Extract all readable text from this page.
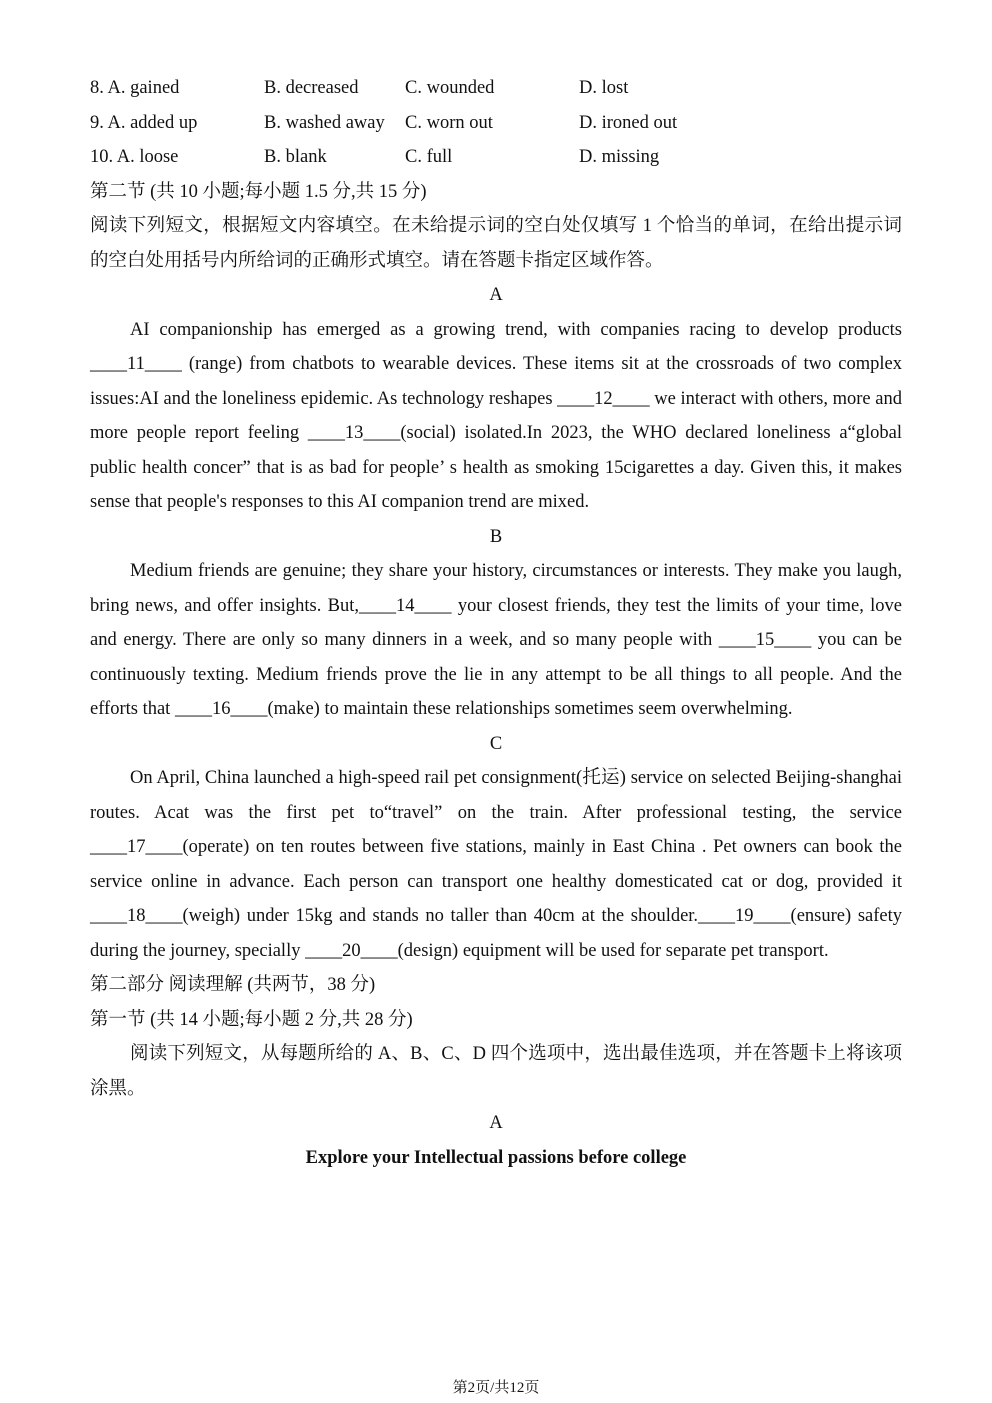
8. A. gained	B. decreased	C. wounded	D. lost
9. A. added up	B. washed away	C. worn out	D. ironed out
10. A. loose	B. blank	C. full	D. missing
第二节 (共 10 小题;每小题 1.5 分,共 15 分)
阅读下列短文，根据短文内容填空。在未给提示词的空白处仅填写 1 个恰当的单词，在给出提示词的空白处用括号内所给词的正确形式填空。请在答题卡指定区域作答。
A
AI companionship has emerged as a growing trend, with companies racing to develop products ____11____ (range) from chatbots to wearable devices. These items sit at the crossroads of two complex issues:AI and the loneliness epidemic. As technology reshapes ____12____ we interact with others, more and more people report feeling ____13____(social) isolated.In 2023, the WHO declared loneliness a“global public health concer” that is as bad for people’ s health as smoking 15cigarettes a day. Given this, it makes sense that people's responses to this AI companion trend are mixed.
B
Medium friends are genuine; they share your history, circumstances or interests. They make you laugh, bring news, and offer insights. But,____14____ your closest friends, they test the limits of your time, love and energy. There are only so many dinners in a week, and so many people with ____15____ you can be continuously texting. Medium friends prove the lie in any attempt to be all things to all people. And the efforts that ____16____(make) to maintain these relationships sometimes seem overwhelming.
C
On April, China launched a high-speed rail pet consignment(托运) service on selected Beijing-shanghai routes. Acat was the first pet to“travel” on the train. After professional testing, the service ____17____(operate) on ten routes between five stations, mainly in East China . Pet owners can book the service online in advance. Each person can transport one healthy domesticated cat or dog, provided it ____18____(weigh) under 15kg and stands no taller than 40cm at the shoulder.____19____(ensure) safety during the journey, specially ____20____(design) equipment will be used for separate pet transport.
第二部分 阅读理解 (共两节，38 分)
第一节 (共 14 小题;每小题 2 分,共 28 分)
阅读下列短文，从每题所给的 A、B、C、D 四个选项中，选出最佳选项，并在答题卡上将该项涂黑。
A
Explore your Intellectual passions before college
第2页/共12页
